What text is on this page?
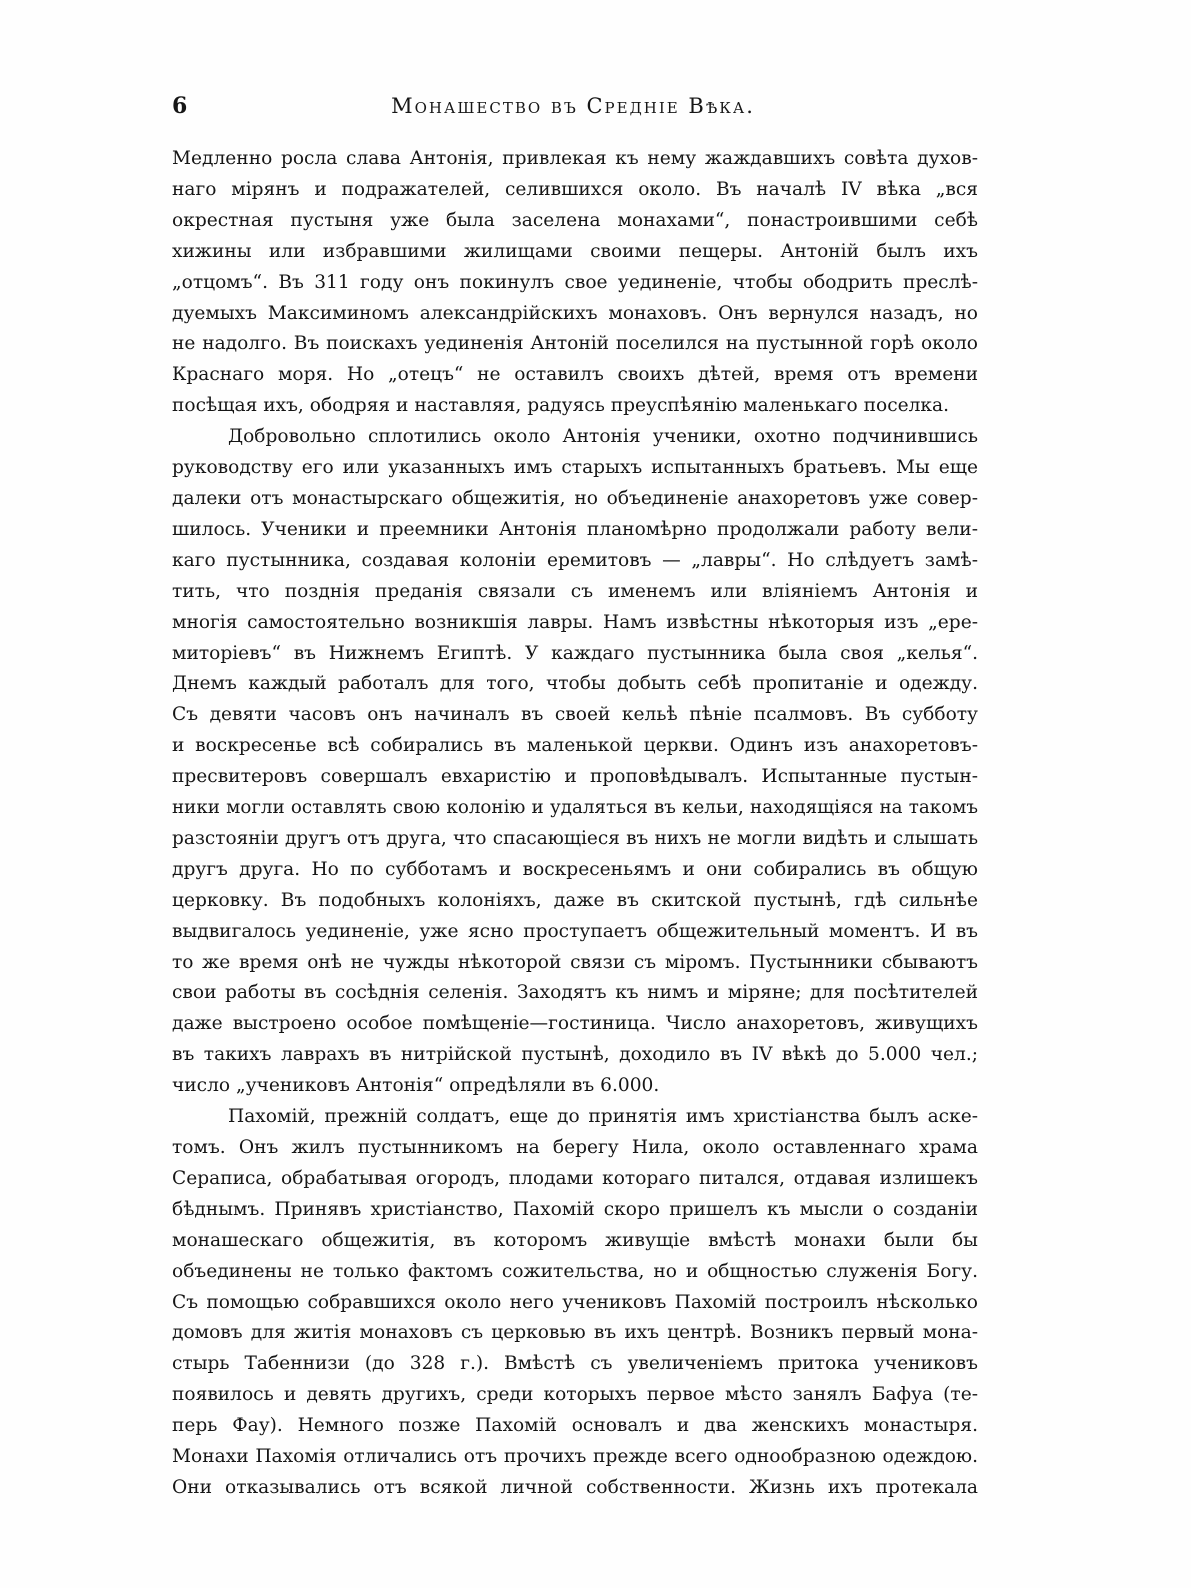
6	Монашество въ Средніе Вѣка.
Медленно росла слава Антонія, привлекая къ нему жаждавшихъ совѣта духов-
наго мірянъ и подражателей, селившихся около. Въ началѣ IV вѣка „вся
окрестная пустыня уже была заселена монахами“, понастроившими себѣ
хижины или избравшими жилищами своими пещеры. Антоній былъ ихъ
„отцомъ“. Въ 311 году онъ покинулъ свое уединеніе, чтобы ободрить преслѣ-
дуемыхъ Максиминомъ александрійскихъ монаховъ. Онъ вернулся назадъ, но
не надолго. Въ поискахъ уединенія Антоній поселился на пустынной горѣ около
Краснаго моря. Но „отецъ“ не оставилъ своихъ дѣтей, время отъ времени
посѣщая ихъ, ободряя и наставляя, радуясь преуспѣянію маленькаго поселка.
Добровольно сплотились около Антонія ученики, охотно подчинившись
руководству его или указанныхъ имъ старыхъ испытанныхъ братьевъ. Мы еще
далеки отъ монастырскаго общежитія, но объединеніе анахоретовъ уже совер-
шилось. Ученики и преемники Антонія планомѣрно продолжали работу вели-
каго пустынника, создавая колоніи еремитовъ — „лавры“. Но слѣдуетъ замѣ-
тить, что позднія преданія связали съ именемъ или вліяніемъ Антонія и
многія самостоятельно возникшія лавры. Намъ извѣстны нѣкоторыя изъ „ере-
миторіевъ“ въ Нижнемъ Египтѣ. У каждаго пустынника была своя „келья“.
Днемъ каждый работалъ для того, чтобы добыть себѣ пропитаніе и одежду.
Съ девяти часовъ онъ начиналъ въ своей кельѣ пѣніе псалмовъ. Въ субботу
и воскресенье всѣ собирались въ маленькой церкви. Одинъ изъ анахоретовъ-
пресвитеровъ совершалъ евхаристію и проповѣдывалъ. Испытанные пустын-
ники могли оставлять свою колонію и удаляться въ кельи, находящіяся на такомъ
разстояніи другъ отъ друга, что спасающіеся въ нихъ не могли видѣть и слышать
другъ друга. Но по субботамъ и воскресеньямъ и они собирались въ общую
церковку. Въ подобныхъ колоніяхъ, даже въ скитской пустынѣ, гдѣ сильнѣе
выдвигалось уединеніе, уже ясно проступаетъ общежительный моментъ. И въ
то же время онѣ не чужды нѣкоторой связи съ міромъ. Пустынники сбываютъ
свои работы въ сосѣднія селенія. Заходятъ къ нимъ и міряне; для посѣтителей
даже выстроено особое помѣщеніе—гостиница. Число анахоретовъ, живущихъ
въ такихъ лаврахъ въ нитрійской пустынѣ, доходило въ IV вѣкѣ до 5.000 чел.;
число „учениковъ Антонія“ опредѣляли въ 6.000.
Пахомій, прежній солдатъ, еще до принятія имъ христіанства былъ аске-
томъ. Онъ жилъ пустынникомъ на берегу Нила, около оставленнаго храма
Сераписа, обрабатывая огородъ, плодами котораго питался, отдавая излишекъ
бѣднымъ. Принявъ христіанство, Пахомій скоро пришелъ къ мысли о созданіи
монашескаго общежитія, въ которомъ живущіе вмѣстѣ монахи были бы
объединены не только фактомъ сожительства, но и общностью служенія Богу.
Съ помощью собравшихся около него учениковъ Пахомій построилъ нѣсколько
домовъ для житія монаховъ съ церковью въ ихъ центрѣ. Возникъ первый мона-
стырь Табеннизи (до 328 г.). Вмѣстѣ съ увеличеніемъ притока учениковъ
появилось и девять другихъ, среди которыхъ первое мѣсто занялъ Бафуа (те-
перь Фау). Немного позже Пахомій основалъ и два женскихъ монастыря.
Монахи Пахомія отличались отъ прочихъ прежде всего однообразною одеждою.
Они отказывались отъ всякой личной собственности. Жизнь ихъ протекала
